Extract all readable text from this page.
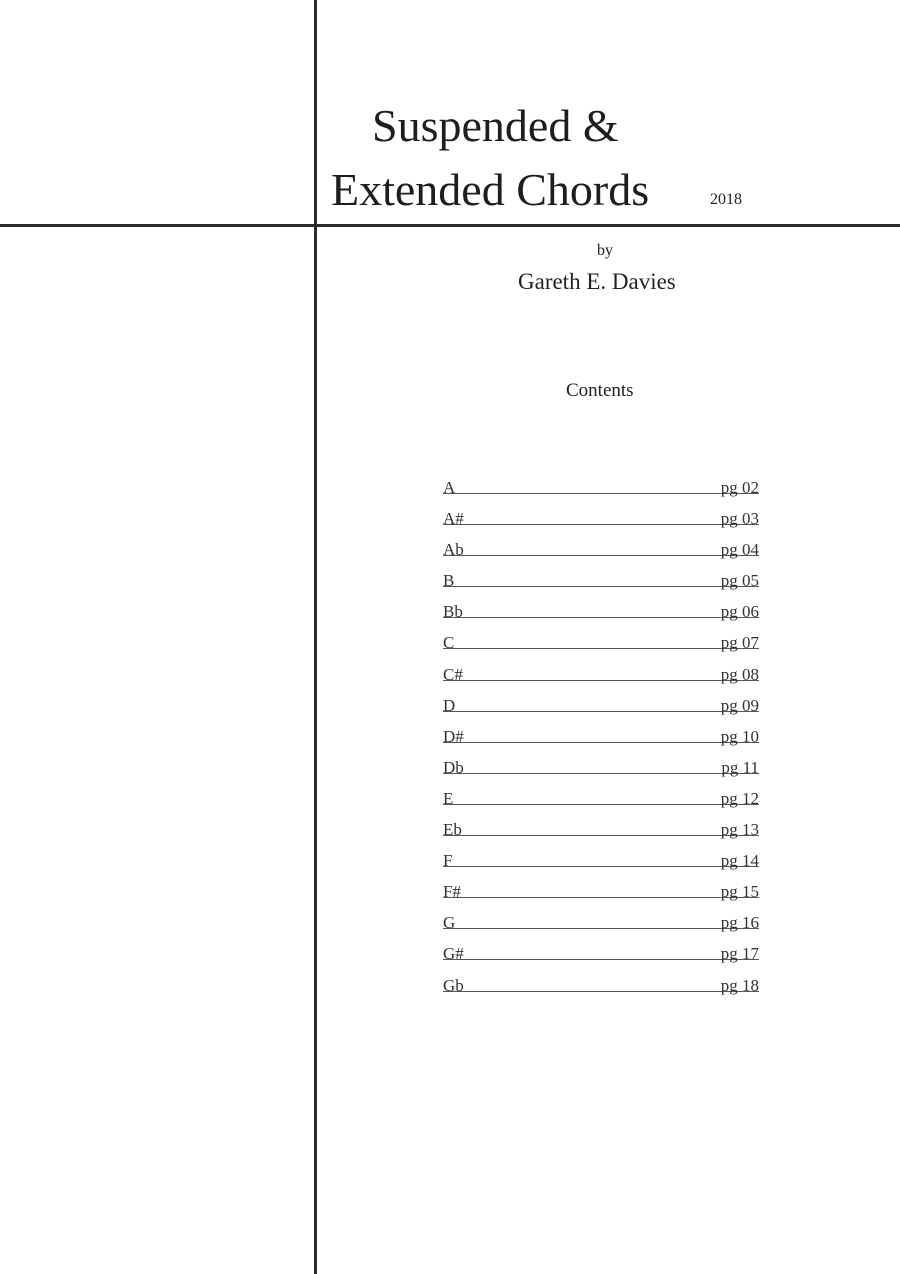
Suspended &
Extended Chords	2018
by
Gareth E. Davies
Contents
A	pg 02
A#	pg 03
Ab	pg 04
B	pg 05
Bb	pg 06
C	pg 07
C#	pg 08
D	pg 09
D#	pg 10
Db	pg 11
E	pg 12
Eb	pg 13
F	pg 14
F#	pg 15
G	pg 16
G#	pg 17
Gb	pg 18
